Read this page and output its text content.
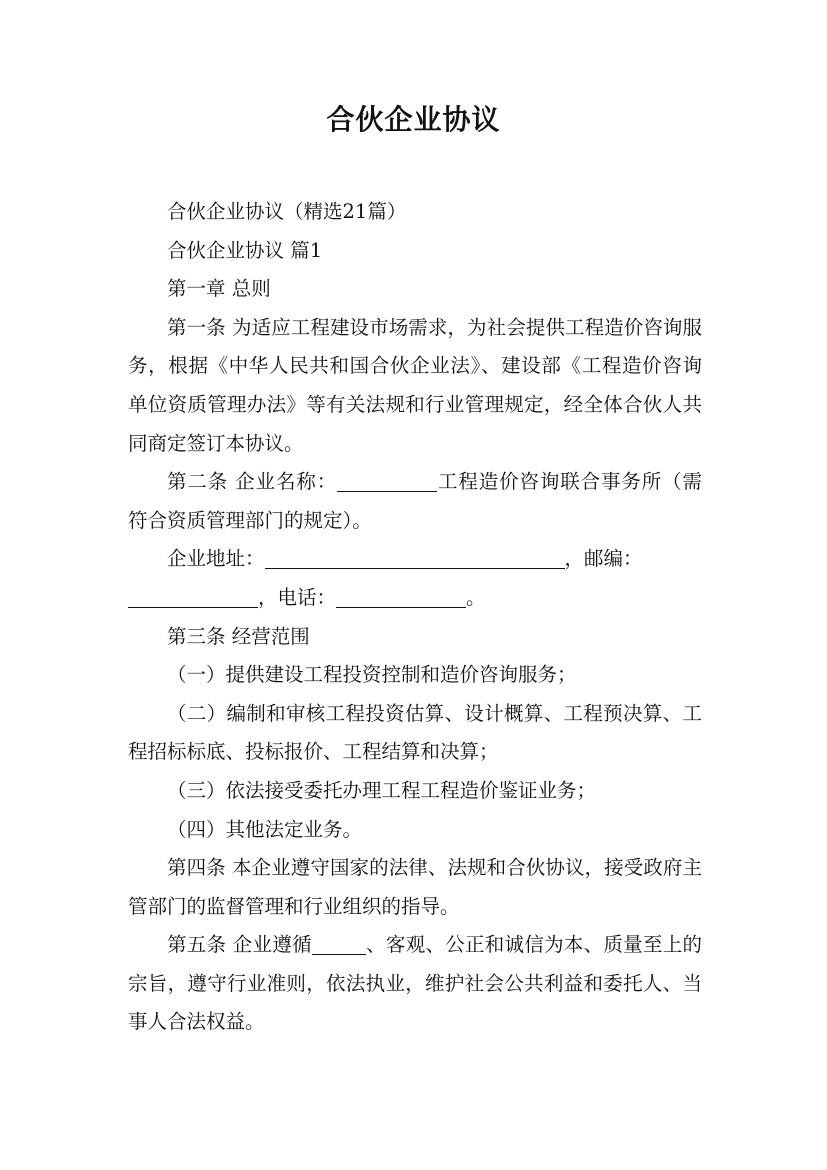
合伙企业协议

合伙企业协议（精选21篇）

合伙企业协议 篇1

第一章 总则

第一条 为适应工程建设市场需求，为社会提供工程造价咨询服务，根据《中华人民共和国合伙企业法》、建设部《工程造价咨询单位资质管理办法》等有关法规和行业管理规定，经全体合伙人共同商定签订本协议。

第二条 企业名称：	工程造价咨询联合事务所（需符合资质管理部门的规定）。

企业地址：	，邮编：

，电话：	。

第三条 经营范围

（一）提供建设工程投资控制和造价咨询服务；

（二）编制和审核工程投资估算、设计概算、工程预决算、工程招标标底、投标报价、工程结算和决算；

（三）依法接受委托办理工程工程造价鉴证业务；

（四）其他法定业务。

第四条 本企业遵守国家的法律、法规和合伙协议，接受政府主管部门的监督管理和行业组织的指导。

第五条 企业遵循	、客观、公正和诚信为本、质量至上的宗旨，遵守行业准则，依法执业，维护社会公共利益和委托人、当事人合法权益。
